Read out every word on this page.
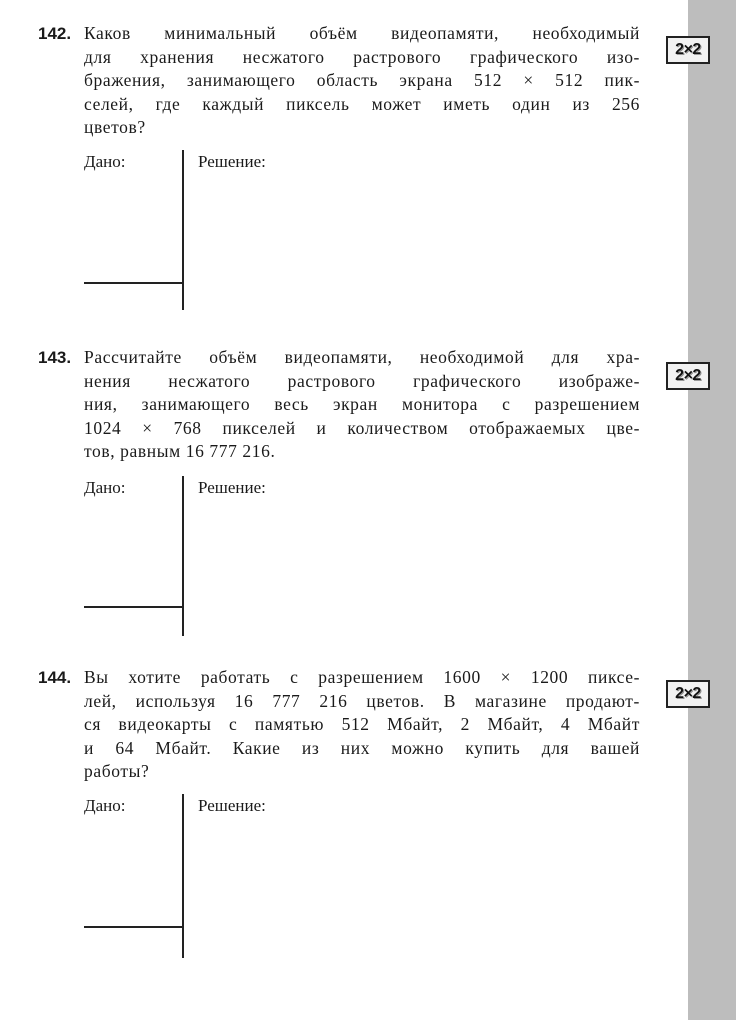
142. Каков минимальный объём видеопамяти, необходимый
для хранения несжатого растрового графического изо-
бражения, занимающего область экрана 512 × 512 пик-
селей, где каждый пиксель может иметь один из 256
цветов?
2×2
Дано:	Решение:
143. Рассчитайте объём видеопамяти, необходимой для хра-
нения несжатого растрового графического изображе-
ния, занимающего весь экран монитора с разрешением
1024 × 768 пикселей и количеством отображаемых цве-
тов, равным 16 777 216.
2×2
Дано:	Решение:
144. Вы хотите работать с разрешением 1600 × 1200 пиксе-
лей, используя 16 777 216 цветов. В магазине продают-
ся видеокарты с памятью 512 Мбайт, 2 Мбайт, 4 Мбайт
и 64 Мбайт. Какие из них можно купить для вашей
работы?
2×2
Дано:	Решение:
